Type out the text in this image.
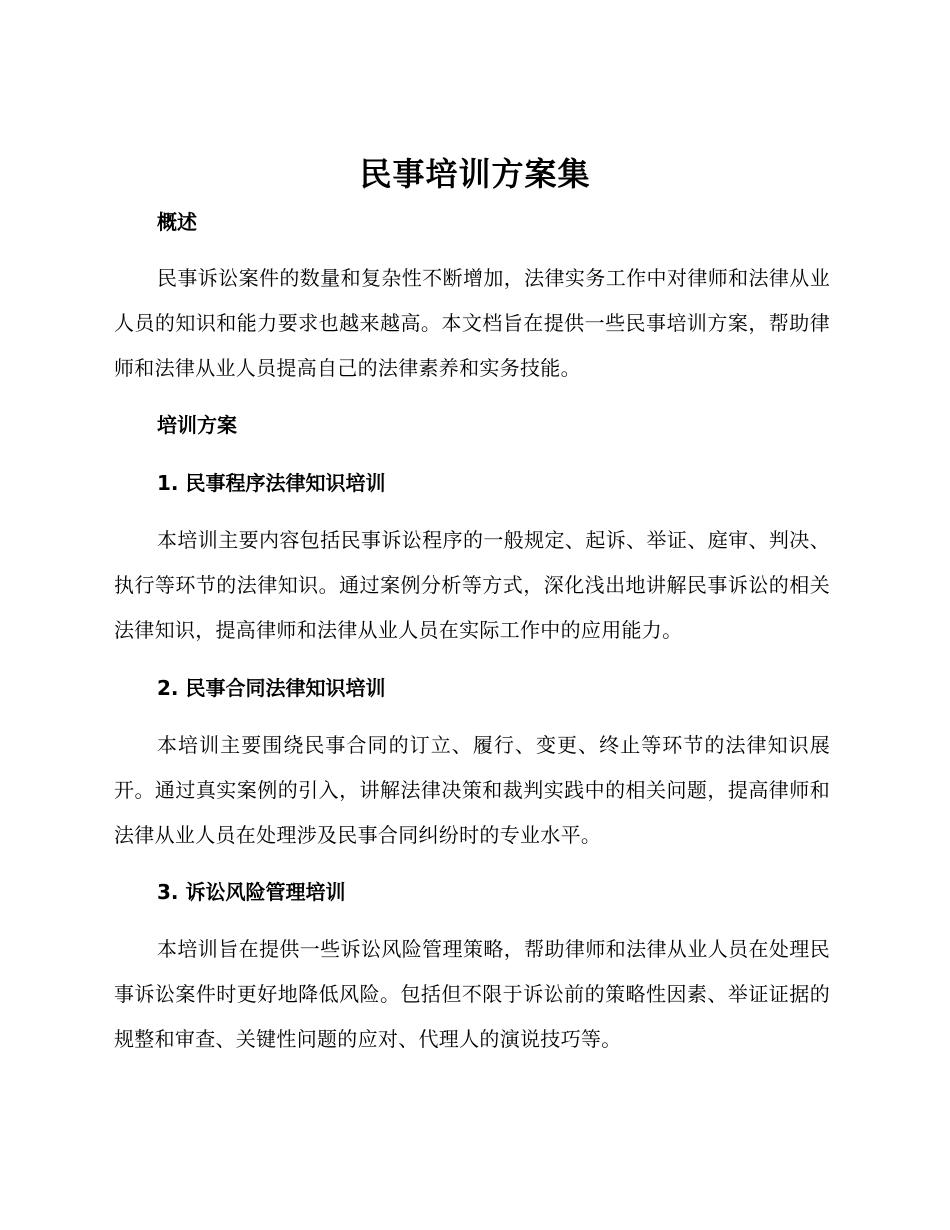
民事培训方案集
概述
民事诉讼案件的数量和复杂性不断增加，法律实务工作中对律师和法律从业人员的知识和能力要求也越来越高。本文档旨在提供一些民事培训方案，帮助律师和法律从业人员提高自己的法律素养和实务技能。
培训方案
1. 民事程序法律知识培训
本培训主要内容包括民事诉讼程序的一般规定、起诉、举证、庭审、判决、执行等环节的法律知识。通过案例分析等方式，深化浅出地讲解民事诉讼的相关法律知识，提高律师和法律从业人员在实际工作中的应用能力。
2. 民事合同法律知识培训
本培训主要围绕民事合同的订立、履行、变更、终止等环节的法律知识展开。通过真实案例的引入，讲解法律决策和裁判实践中的相关问题，提高律师和法律从业人员在处理涉及民事合同纠纷时的专业水平。
3. 诉讼风险管理培训
本培训旨在提供一些诉讼风险管理策略，帮助律师和法律从业人员在处理民事诉讼案件时更好地降低风险。包括但不限于诉讼前的策略性因素、举证证据的规整和审查、关键性问题的应对、代理人的演说技巧等。
